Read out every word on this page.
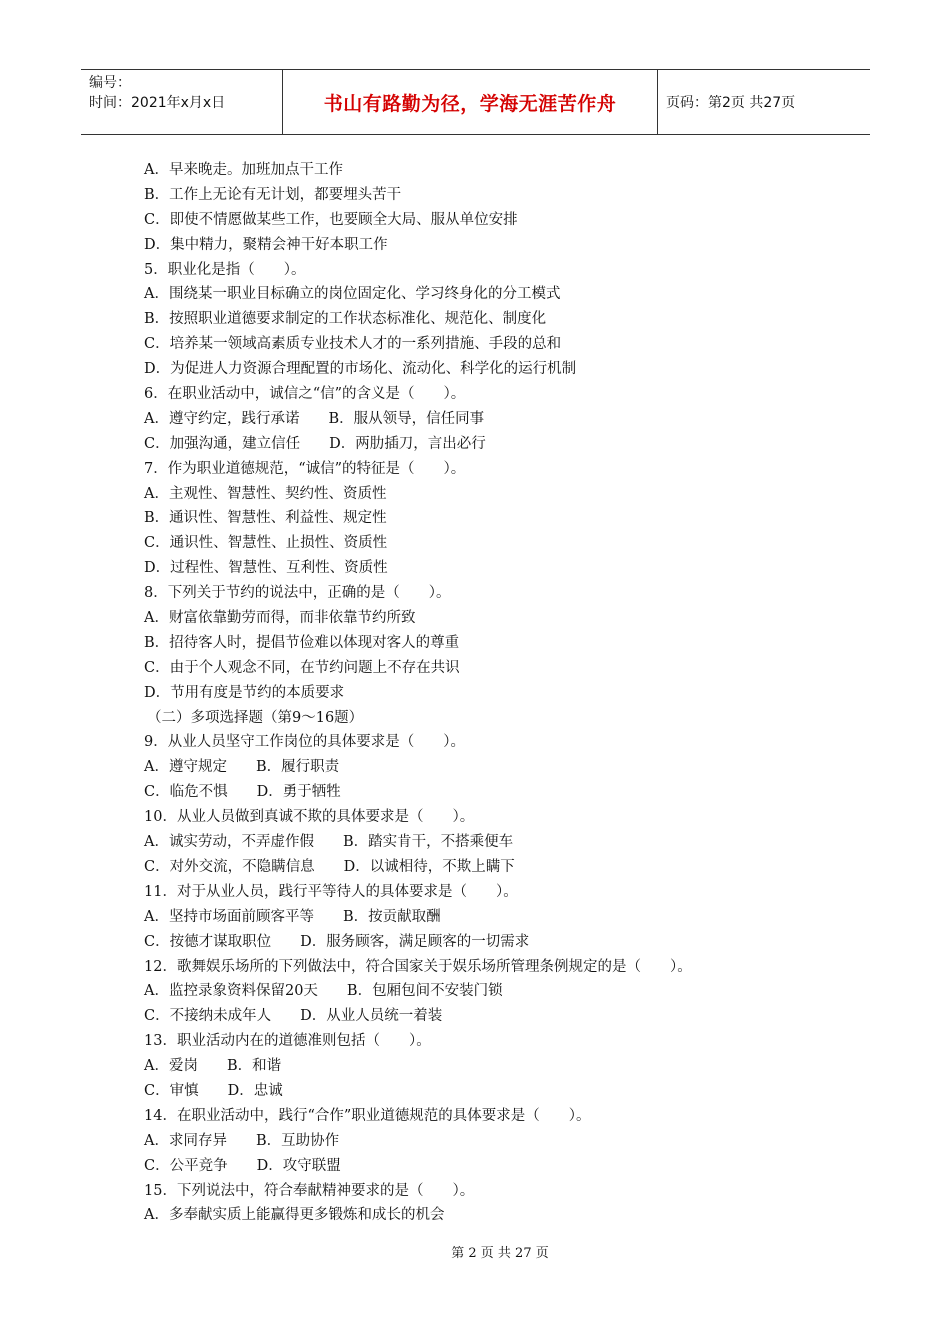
编号：
时间：2021年x月x日	书山有路勤为径，学海无涯苦作舟	页码：第2页 共27页
A．早来晚走。加班加点干工作
B．工作上无论有无计划，都要埋头苦干
C．即使不情愿做某些工作，也要顾全大局、服从单位安排
D．集中精力，聚精会神干好本职工作
5．职业化是指（　　）。
A．围绕某一职业目标确立的岗位固定化、学习终身化的分工模式
B．按照职业道德要求制定的工作状态标准化、规范化、制度化
C．培养某一领域高素质专业技术人才的一系列措施、手段的总和
D．为促进人力资源合理配置的市场化、流动化、科学化的运行机制
6．在职业活动中，诚信之“信”的含义是（　　）。
A．遵守约定，践行承诺　　B．服从领导，信任同事
C．加强沟通，建立信任　　D．两肋插刀，言出必行
7．作为职业道德规范，“诚信”的特征是（　　）。
A．主观性、智慧性、契约性、资质性
B．通识性、智慧性、利益性、规定性
C．通识性、智慧性、止损性、资质性
D．过程性、智慧性、互利性、资质性
8．下列关于节约的说法中，正确的是（　　）。
A．财富依靠勤劳而得，而非依靠节约所致
B．招待客人时，提倡节俭难以体现对客人的尊重
C．由于个人观念不同，在节约问题上不存在共识
D．节用有度是节约的本质要求
（二）多项选择题（第9～16题）
9．从业人员坚守工作岗位的具体要求是（　　）。
A．遵守规定　　B．履行职责
C．临危不惧　　D．勇于牺牲
10．从业人员做到真诚不欺的具体要求是（　　）。
A．诚实劳动，不弄虚作假　　B．踏实肯干，不搭乘便车
C．对外交流，不隐瞒信息　　D．以诚相待，不欺上瞒下
11．对于从业人员，践行平等待人的具体要求是（　　）。
A．坚持市场面前顾客平等　　B．按贡献取酬
C．按德才谋取职位　　D．服务顾客，满足顾客的一切需求
12．歌舞娱乐场所的下列做法中，符合国家关于娱乐场所管理条例规定的是（　　）。
A．监控录象资料保留20天　　B．包厢包间不安装门锁
C．不接纳未成年人　　D．从业人员统一着装
13．职业活动内在的道德准则包括（　　）。
A．爱岗　　B．和谐
C．审慎　　D．忠诚
14．在职业活动中，践行“合作”职业道德规范的具体要求是（　　）。
A．求同存异　　B．互助协作
C．公平竞争　　D．攻守联盟
15．下列说法中，符合奉献精神要求的是（　　）。
A．多奉献实质上能赢得更多锻炼和成长的机会
第 2 页 共 27 页
